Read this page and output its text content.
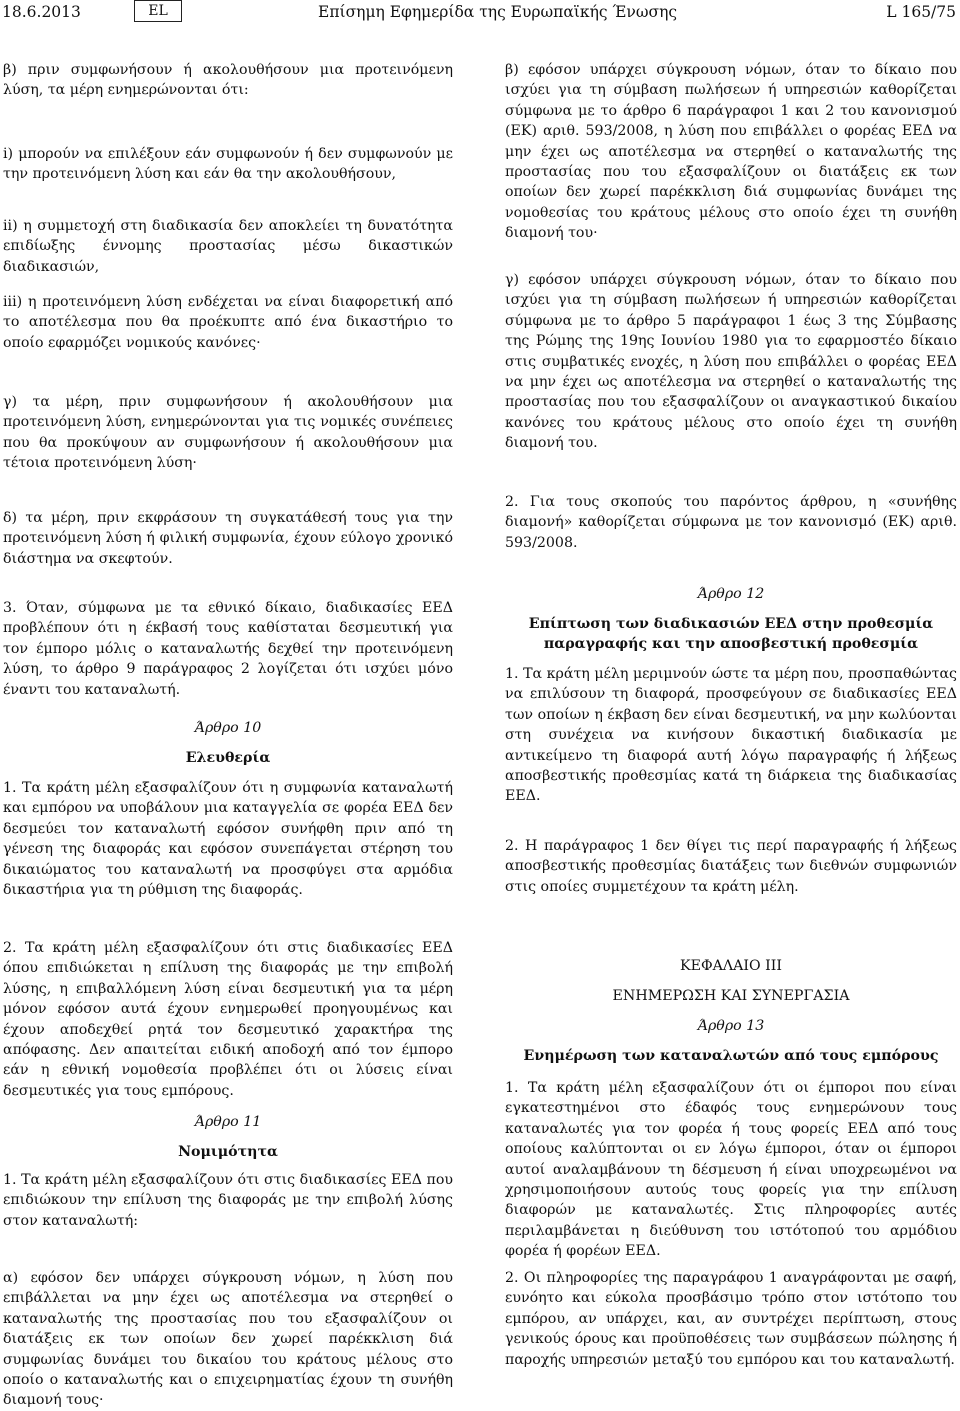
18.6.2013	EL	Επίσημη Εφημερίδα της Ευρωπαϊκής Ένωσης	L 165/75

β) πριν συμφωνήσουν ή ακολουθήσουν μια προτεινόμενη λύση, τα μέρη ενημερώνονται ότι:

i) μπορούν να επιλέξουν εάν συμφωνούν ή δεν συμφωνούν με την προτεινόμενη λύση και εάν θα την ακολουθήσουν,

ii) η συμμετοχή στη διαδικασία δεν αποκλείει τη δυνατότητα επιδίωξης έννομης προστασίας μέσω δικαστικών διαδικασιών,

iii) η προτεινόμενη λύση ενδέχεται να είναι διαφορετική από το αποτέλεσμα που θα προέκυπτε από ένα δικαστήριο το οποίο εφαρμόζει νομικούς κανόνες·

γ) τα μέρη, πριν συμφωνήσουν ή ακολουθήσουν μια προτεινόμενη λύση, ενημερώνονται για τις νομικές συνέπειες που θα προκύψουν αν συμφωνήσουν ή ακολουθήσουν μια τέτοια προτεινόμενη λύση·

δ) τα μέρη, πριν εκφράσουν τη συγκατάθεσή τους για την προτεινόμενη λύση ή φιλική συμφωνία, έχουν εύλογο χρονικό διάστημα να σκεφτούν.

3. Όταν, σύμφωνα με τα εθνικό δίκαιο, διαδικασίες ΕΕΔ προβλέπουν ότι η έκβασή τους καθίσταται δεσμευτική για τον έμπορο μόλις ο καταναλωτής δεχθεί την προτεινόμενη λύση, το άρθρο 9 παράγραφος 2 λογίζεται ότι ισχύει μόνο έναντι του καταναλωτή.

Άρθρο 10

Ελευθερία

1. Τα κράτη μέλη εξασφαλίζουν ότι η συμφωνία καταναλωτή και εμπόρου να υποβάλουν μια καταγγελία σε φορέα ΕΕΔ δεν δεσμεύει τον καταναλωτή εφόσον συνήφθη πριν από τη γένεση της διαφοράς και εφόσον συνεπάγεται στέρηση του δικαιώματος του καταναλωτή να προσφύγει στα αρμόδια δικαστήρια για τη ρύθμιση της διαφοράς.

2. Τα κράτη μέλη εξασφαλίζουν ότι στις διαδικασίες ΕΕΔ όπου επιδιώκεται η επίλυση της διαφοράς με την επιβολή λύσης, η επιβαλλόμενη λύση είναι δεσμευτική για τα μέρη μόνον εφόσον αυτά έχουν ενημερωθεί προηγουμένως και έχουν αποδεχθεί ρητά τον δεσμευτικό χαρακτήρα της απόφασης. Δεν απαιτείται ειδική αποδοχή από τον έμπορο εάν η εθνική νομοθεσία προβλέπει ότι οι λύσεις είναι δεσμευτικές για τους εμπόρους.

Άρθρο 11

Νομιμότητα

1. Τα κράτη μέλη εξασφαλίζουν ότι στις διαδικασίες ΕΕΔ που επιδιώκουν την επίλυση της διαφοράς με την επιβολή λύσης στον καταναλωτή:

α) εφόσον δεν υπάρχει σύγκρουση νόμων, η λύση που επιβάλλεται να μην έχει ως αποτέλεσμα να στερηθεί ο καταναλωτής της προστασίας που του εξασφαλίζουν οι διατάξεις εκ των οποίων δεν χωρεί παρέκκλιση διά συμφωνίας δυνάμει του δικαίου του κράτους μέλους στο οποίο ο καταναλωτής και ο επιχειρηματίας έχουν τη συνήθη διαμονή τους·

β) εφόσον υπάρχει σύγκρουση νόμων, όταν το δίκαιο που ισχύει για τη σύμβαση πωλήσεων ή υπηρεσιών καθορίζεται σύμφωνα με το άρθρο 6 παράγραφοι 1 και 2 του κανονισμού (ΕΚ) αριθ. 593/2008, η λύση που επιβάλλει ο φορέας ΕΕΔ να μην έχει ως αποτέλεσμα να στερηθεί ο καταναλωτής της προστασίας που του εξασφαλίζουν οι διατάξεις εκ των οποίων δεν χωρεί παρέκκλιση διά συμφωνίας δυνάμει της νομοθεσίας του κράτους μέλους στο οποίο έχει τη συνήθη διαμονή του·

γ) εφόσον υπάρχει σύγκρουση νόμων, όταν το δίκαιο που ισχύει για τη σύμβαση πωλήσεων ή υπηρεσιών καθορίζεται σύμφωνα με το άρθρο 5 παράγραφοι 1 έως 3 της Σύμβασης της Ρώμης της 19ης Ιουνίου 1980 για το εφαρμοστέο δίκαιο στις συμβατικές ενοχές, η λύση που επιβάλλει ο φορέας ΕΕΔ να μην έχει ως αποτέλεσμα να στερηθεί ο καταναλωτής της προστασίας που του εξασφαλίζουν οι αναγκαστικού δικαίου κανόνες του κράτους μέλους στο οποίο έχει τη συνήθη διαμονή του.

2. Για τους σκοπούς του παρόντος άρθρου, η «συνήθης διαμονή» καθορίζεται σύμφωνα με τον κανονισμό (ΕΚ) αριθ. 593/2008.

Άρθρο 12

Επίπτωση των διαδικασιών ΕΕΔ στην προθεσμία παραγραφής και την αποσβεστική προθεσμία

1. Τα κράτη μέλη μεριμνούν ώστε τα μέρη που, προσπαθώντας να επιλύσουν τη διαφορά, προσφεύγουν σε διαδικασίες ΕΕΔ των οποίων η έκβαση δεν είναι δεσμευτική, να μην κωλύονται στη συνέχεια να κινήσουν δικαστική διαδικασία με αντικείμενο τη διαφορά αυτή λόγω παραγραφής ή λήξεως αποσβεστικής προθεσμίας κατά τη διάρκεια της διαδικασίας ΕΕΔ.

2. Η παράγραφος 1 δεν θίγει τις περί παραγραφής ή λήξεως αποσβεστικής προθεσμίας διατάξεις των διεθνών συμφωνιών στις οποίες συμμετέχουν τα κράτη μέλη.

ΚΕΦΑΛΑΙΟ III

ΕΝΗΜΕΡΩΣΗ ΚΑΙ ΣΥΝΕΡΓΑΣΙΑ

Άρθρο 13

Ενημέρωση των καταναλωτών από τους εμπόρους

1. Τα κράτη μέλη εξασφαλίζουν ότι οι έμποροι που είναι εγκατεστημένοι στο έδαφός τους ενημερώνουν τους καταναλωτές για τον φορέα ή τους φορείς ΕΕΔ από τους οποίους καλύπτονται οι εν λόγω έμποροι, όταν οι έμποροι αυτοί αναλαμβάνουν τη δέσμευση ή είναι υποχρεωμένοι να χρησιμοποιήσουν αυτούς τους φορείς για την επίλυση διαφορών με καταναλωτές. Στις πληροφορίες αυτές περιλαμβάνεται η διεύθυνση του ιστότοπού του αρμόδιου φορέα ή φορέων ΕΕΔ.

2. Οι πληροφορίες της παραγράφου 1 αναγράφονται με σαφή, ευνόητο και εύκολα προσβάσιμο τρόπο στον ιστότοπο του εμπόρου, αν υπάρχει, και, αν συντρέχει περίπτωση, στους γενικούς όρους και προϋποθέσεις των συμβάσεων πώλησης ή παροχής υπηρεσιών μεταξύ του εμπόρου και του καταναλωτή.
